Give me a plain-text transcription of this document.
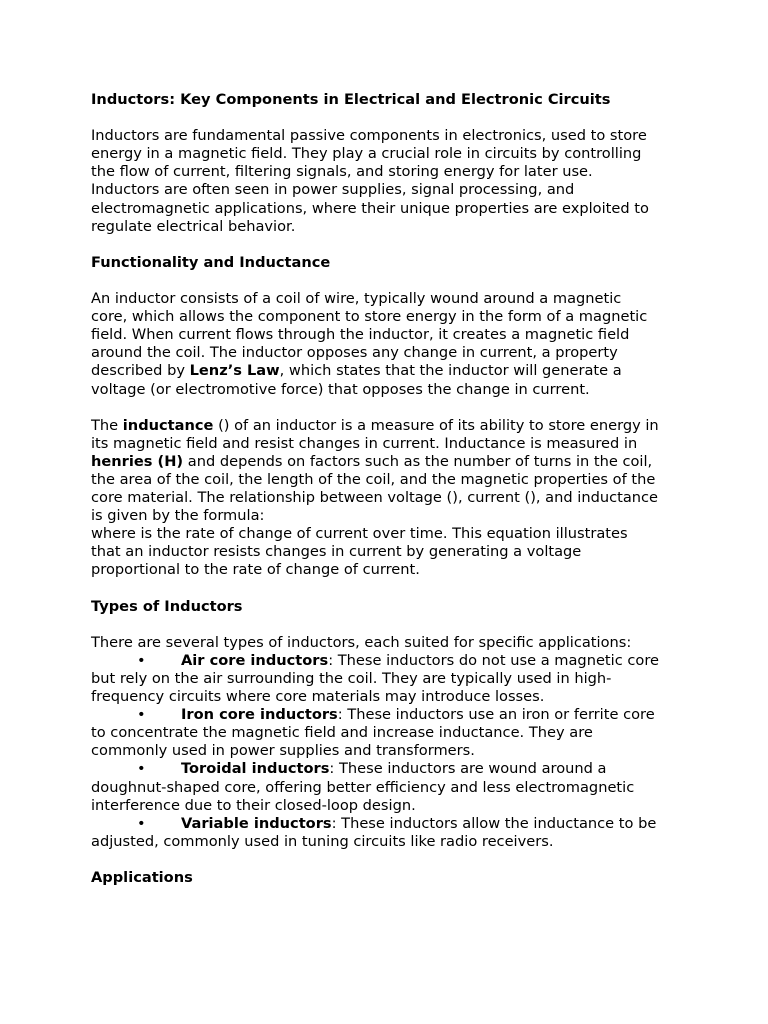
Inductors: Key Components in Electrical and Electronic Circuits

Inductors are fundamental passive components in electronics, used to store

energy in a magnetic field. They play a crucial role in circuits by controlling

the flow of current, filtering signals, and storing energy for later use.

Inductors are often seen in power supplies, signal processing, and

electromagnetic applications, where their unique properties are exploited to

regulate electrical behavior.

Functionality and Inductance

An inductor consists of a coil of wire, typically wound around a magnetic

core, which allows the component to store energy in the form of a magnetic

field. When current flows through the inductor, it creates a magnetic field

around the coil. The inductor opposes any change in current, a property

described by Lenz’s Law, which states that the inductor will generate a

voltage (or electromotive force) that opposes the change in current.

The inductance () of an inductor is a measure of its ability to store energy in

its magnetic field and resist changes in current. Inductance is measured in

henries (H) and depends on factors such as the number of turns in the coil,

the area of the coil, the length of the coil, and the magnetic properties of the

core material. The relationship between voltage (), current (), and inductance

is given by the formula:

where is the rate of change of current over time. This equation illustrates

that an inductor resists changes in current by generating a voltage

proportional to the rate of change of current.

Types of Inductors

There are several types of inductors, each suited for specific applications:

• Air core inductors: These inductors do not use a magnetic core

but rely on the air surrounding the coil. They are typically used in high-

frequency circuits where core materials may introduce losses.

• Iron core inductors: These inductors use an iron or ferrite core

to concentrate the magnetic field and increase inductance. They are

commonly used in power supplies and transformers.

• Toroidal inductors: These inductors are wound around a

doughnut-shaped core, offering better efficiency and less electromagnetic

interference due to their closed-loop design.

• Variable inductors: These inductors allow the inductance to be

adjusted, commonly used in tuning circuits like radio receivers.

Applications
